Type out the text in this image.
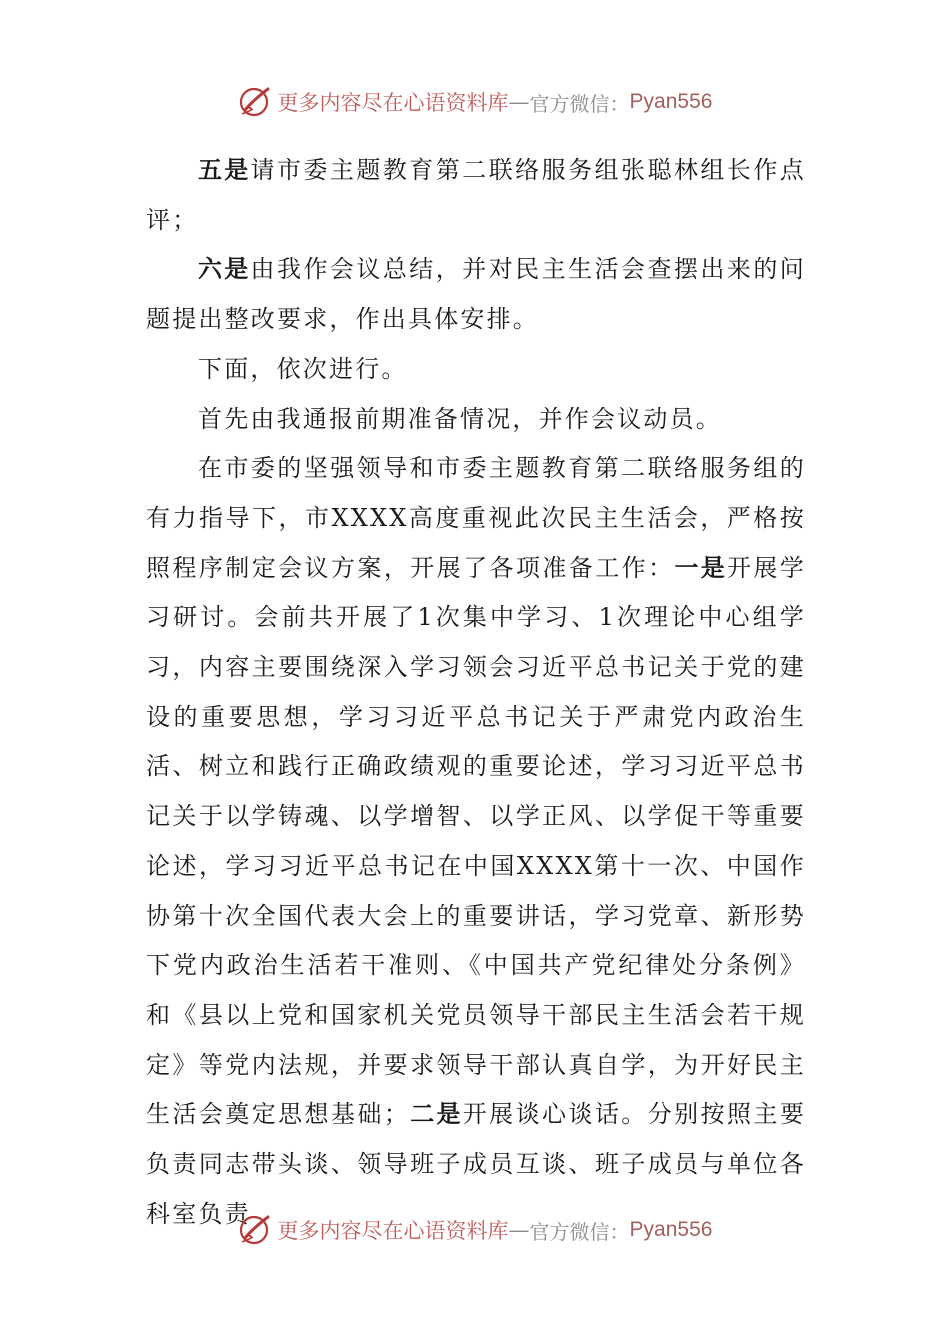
更多内容尽在心语资料库 — 官方微信： Pyan556

五是请市委主题教育第二联络服务组张聪林组长作点评；

六是由我作会议总结，并对民主生活会查摆出来的问题提出整改要求，作出具体安排。

下面，依次进行。

首先由我通报前期准备情况，并作会议动员。

在市委的坚强领导和市委主题教育第二联络服务组的有力指导下，市XXXX高度重视此次民主生活会，严格按照程序制定会议方案，开展了各项准备工作：一是开展学习研讨。会前共开展了1次集中学习、1次理论中心组学习，内容主要围绕深入学习领会习近平总书记关于党的建设的重要思想，学习习近平总书记关于严肃党内政治生活、树立和践行正确政绩观的重要论述，学习习近平总书记关于以学铸魂、以学增智、以学正风、以学促干等重要论述，学习习近平总书记在中国XXXX第十一次、中国作协第十次全国代表大会上的重要讲话，学习党章、新形势下党内政治生活若干准则、《中国共产党纪律处分条例》和《县以上党和国家机关党员领导干部民主生活会若干规定》等党内法规，并要求领导干部认真自学，为开好民主生活会奠定思想基础；二是开展谈心谈话。分别按照主要负责同志带头谈、领导班子成员互谈、班子成员与单位各科室负责

更多内容尽在心语资料库 — 官方微信： Pyan556
